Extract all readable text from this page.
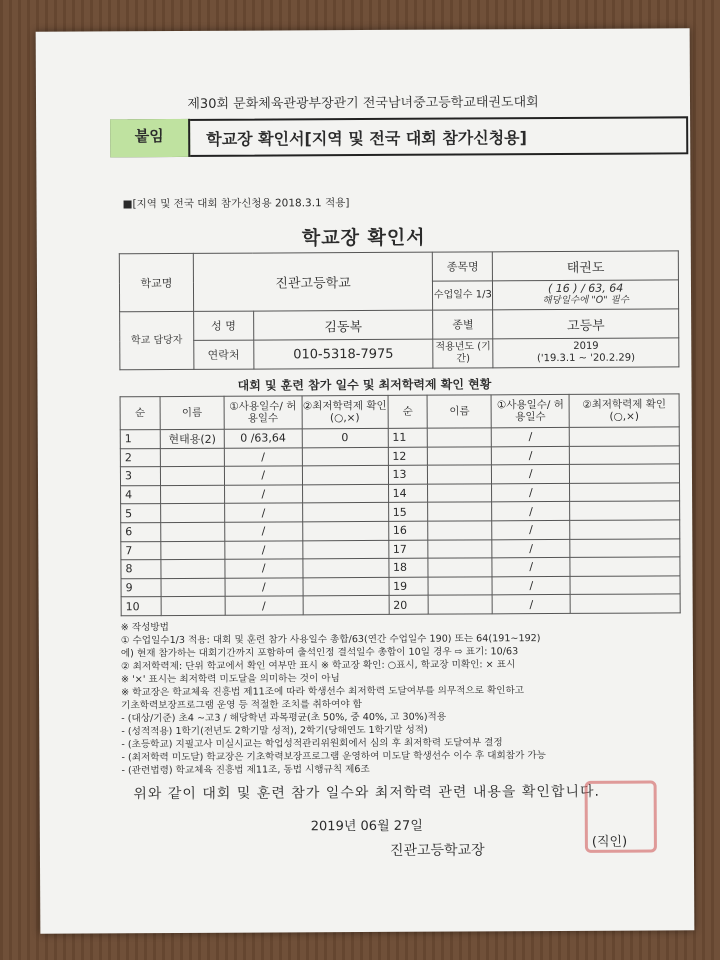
제30회 문화체육관광부장관기 전국남녀중고등학교태권도대회
붙임	학교장 확인서[지역 및 전국 대회 참가신청용]
■[지역 및 전국 대회 참가신청용 2018.3.1 적용]
학교장 확인서
학교명	진관고등학교		종목명	태권도
			수업일수 1/3	( 16 ) / 63, 64
해당일수에 "O" 필수

학교 담당자	성 명	김동복	종별	고등부
	연락처	010-5318-7975	적용년도 (기간)	2019
('19.3.1 ~ '20.2.29)
대회 및 훈련 참가 일수 및 최저학력제 확인 현황
순	이름	①사용일수/ 허용일수	②최저학력제 확인(○,×)	순	이름	①사용일수/ 허용일수	②최저학력제 확인(○,×)
1	현태용(2)	0 /63,64	0	11		/	
2		/		12		/	
3		/		13		/	
4		/		14		/	
5		/		15		/	
6		/		16		/	
7		/		17		/	
8		/		18		/	
9		/		19		/	
10		/		20		/	
※ 작성방법
① 수업일수1/3 적용: 대회 및 훈련 참가 사용일수 총합/63(연간 수업일수 190) 또는 64(191~192)
에) 현재 참가하는 대회기간까지 포함하여 출석인정 결석일수 총합이 10일 경우 ⇨ 표기: 10/63
② 최저학력제: 단위 학교에서 확인 여부만 표시 ※ 학교장 확인: ○표시, 학교장 미확인: × 표시
※ '×' 표시는 최저학력 미도달을 의미하는 것이 아님
※ 학교장은 학교체육 진흥법 제11조에 따라 학생선수 최저학력 도달여부를 의무적으로 확인하고
기초학력보장프로그램 운영 등 적절한 조치를 취하여야 함
- (대상/기준) 초4 ~고3 / 해당학년 과목평균(초 50%, 중 40%, 고 30%)적용
- (성적적용) 1학기(전년도 2학기말 성적), 2학기(당해연도 1학기말 성적)
- (초등학교) 지필고사 미실시교는 학업성적관리위원회에서 심의 후 최저학력 도달여부 결정
- (최저학력 미도달) 학교장은 기초학력보장프로그램 운영하여 미도달 학생선수 이수 후 대회참가 가능
- (관련법령) 학교체육 진흥법 제11조, 동법 시행규칙 제6조
위와 같이 대회 및 훈련 참가 일수와 최저학력 관련 내용을 확인합니다.
2019년 06월 27일
진관고등학교장
(직인)
